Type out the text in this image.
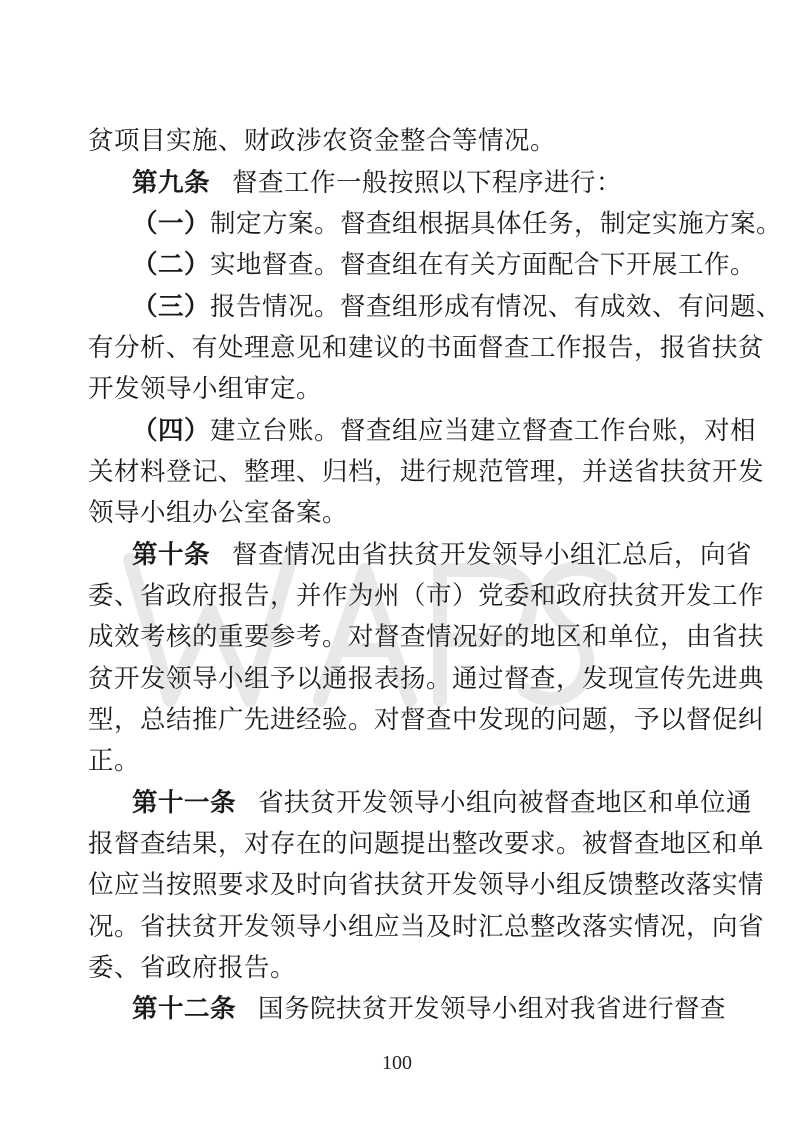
贫项目实施、财政涉农资金整合等情况。
第九条 督查工作一般按照以下程序进行：
（一）制定方案。督查组根据具体任务，制定实施方案。
（二）实地督查。督查组在有关方面配合下开展工作。
（三）报告情况。督查组形成有情况、有成效、有问题、
有分析、有处理意见和建议的书面督查工作报告，报省扶贫
开发领导小组审定。
（四）建立台账。督查组应当建立督查工作台账，对相
关材料登记、整理、归档，进行规范管理，并送省扶贫开发
领导小组办公室备案。
第十条 督查情况由省扶贫开发领导小组汇总后，向省
委、省政府报告，并作为州（市）党委和政府扶贫开发工作
成效考核的重要参考。对督查情况好的地区和单位，由省扶
贫开发领导小组予以通报表扬。通过督查，发现宣传先进典
型，总结推广先进经验。对督查中发现的问题，予以督促纠
正。
第十一条 省扶贫开发领导小组向被督查地区和单位通
报督查结果，对存在的问题提出整改要求。被督查地区和单
位应当按照要求及时向省扶贫开发领导小组反馈整改落实情
况。省扶贫开发领导小组应当及时汇总整改落实情况，向省
委、省政府报告。
第十二条 国务院扶贫开发领导小组对我省进行督查
100
